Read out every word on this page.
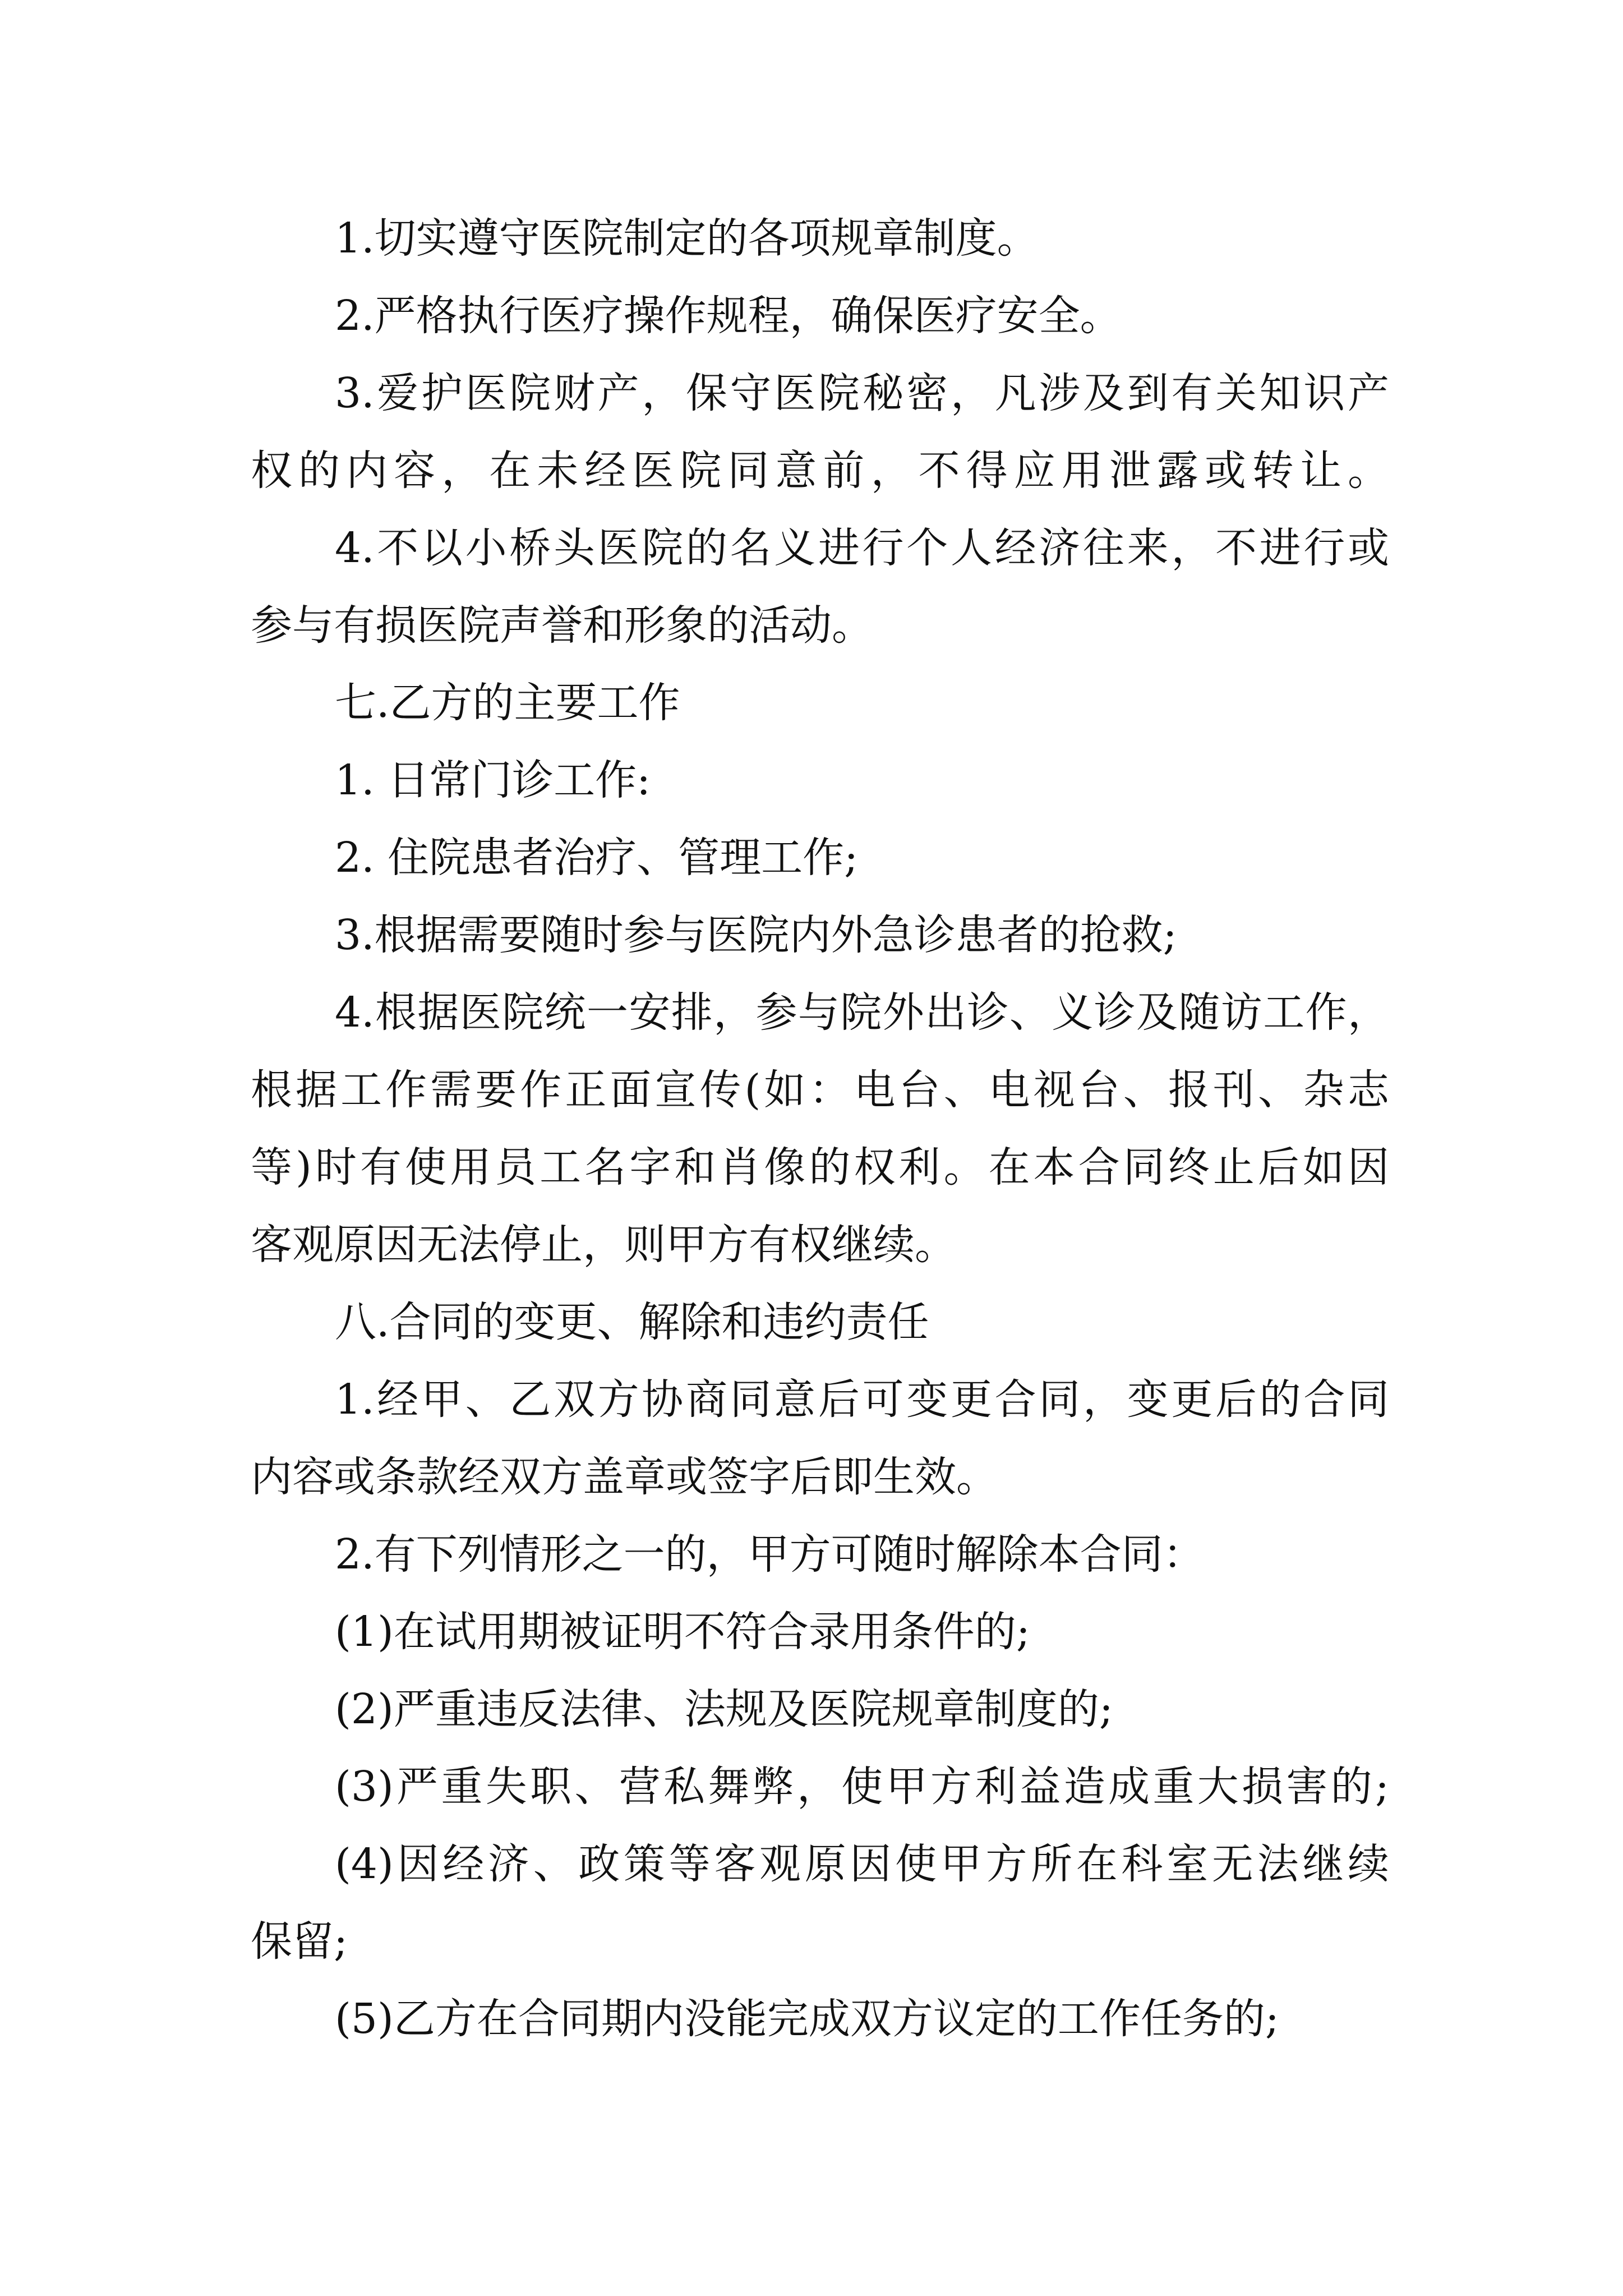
1.切实遵守医院制定的各项规章制度。
2.严格执行医疗操作规程，确保医疗安全。
3.爱护医院财产，保守医院秘密，凡涉及到有关知识产
权的内容，在未经医院同意前，不得应用泄露或转让。
4.不以小桥头医院的名义进行个人经济往来，不进行或
参与有损医院声誉和形象的活动。
七.乙方的主要工作
1. 日常门诊工作:
2. 住院患者治疗、管理工作;
3.根据需要随时参与医院内外急诊患者的抢救;
4.根据医院统一安排，参与院外出诊、义诊及随访工作，
根据工作需要作正面宣传(如：电台、电视台、报刊、杂志
等)时有使用员工名字和肖像的权利。在本合同终止后如因
客观原因无法停止，则甲方有权继续。
八.合同的变更、解除和违约责任
1.经甲、乙双方协商同意后可变更合同，变更后的合同
内容或条款经双方盖章或签字后即生效。
2.有下列情形之一的，甲方可随时解除本合同：
(1)在试用期被证明不符合录用条件的;
(2)严重违反法律、法规及医院规章制度的;
(3)严重失职、营私舞弊，使甲方利益造成重大损害的;
(4)因经济、政策等客观原因使甲方所在科室无法继续
保留;
(5)乙方在合同期内没能完成双方议定的工作任务的;
